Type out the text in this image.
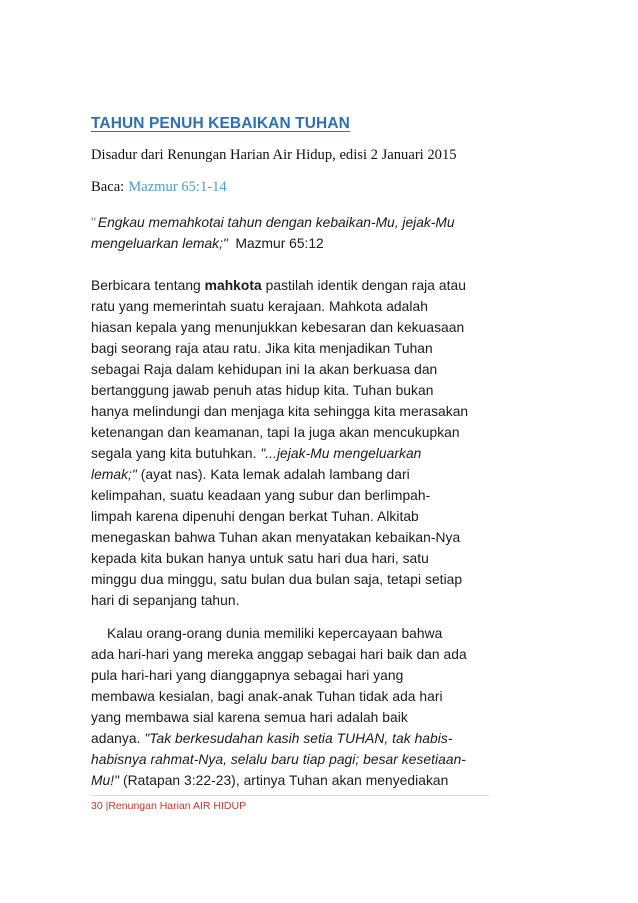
TAHUN PENUH KEBAIKAN TUHAN

Disadur dari Renungan Harian Air Hidup, edisi 2 Januari 2015

Baca: Mazmur 65:1-14

" Engkau memahkotai tahun dengan kebaikan-Mu, jejak-Mu
mengeluarkan lemak;" Mazmur 65:12
Berbicara tentang mahkota pastilah identik dengan raja atau
ratu yang memerintah suatu kerajaan. Mahkota adalah
hiasan kepala yang menunjukkan kebesaran dan kekuasaan
bagi seorang raja atau ratu. Jika kita menjadikan Tuhan
sebagai Raja dalam kehidupan ini Ia akan berkuasa dan
bertanggung jawab penuh atas hidup kita. Tuhan bukan
hanya melindungi dan menjaga kita sehingga kita merasakan
ketenangan dan keamanan, tapi Ia juga akan mencukupkan
segala yang kita butuhkan. "...jejak-Mu mengeluarkan
lemak;" (ayat nas). Kata lemak adalah lambang dari
kelimpahan, suatu keadaan yang subur dan berlimpah-
limpah karena dipenuhi dengan berkat Tuhan. Alkitab
menegaskan bahwa Tuhan akan menyatakan kebaikan-Nya
kepada kita bukan hanya untuk satu hari dua hari, satu
minggu dua minggu, satu bulan dua bulan saja, tetapi setiap
hari di sepanjang tahun.
Kalau orang-orang dunia memiliki kepercayaan bahwa
ada hari-hari yang mereka anggap sebagai hari baik dan ada
pula hari-hari yang dianggapnya sebagai hari yang
membawa kesialan, bagi anak-anak Tuhan tidak ada hari
yang membawa sial karena semua hari adalah baik
adanya. "Tak berkesudahan kasih setia TUHAN, tak habis-
habisnya rahmat-Nya, selalu baru tiap pagi; besar kesetiaan-
Mu!" (Ratapan 3:22-23), artinya Tuhan akan menyediakan

30 |Renungan Harian AIR HIDUP
